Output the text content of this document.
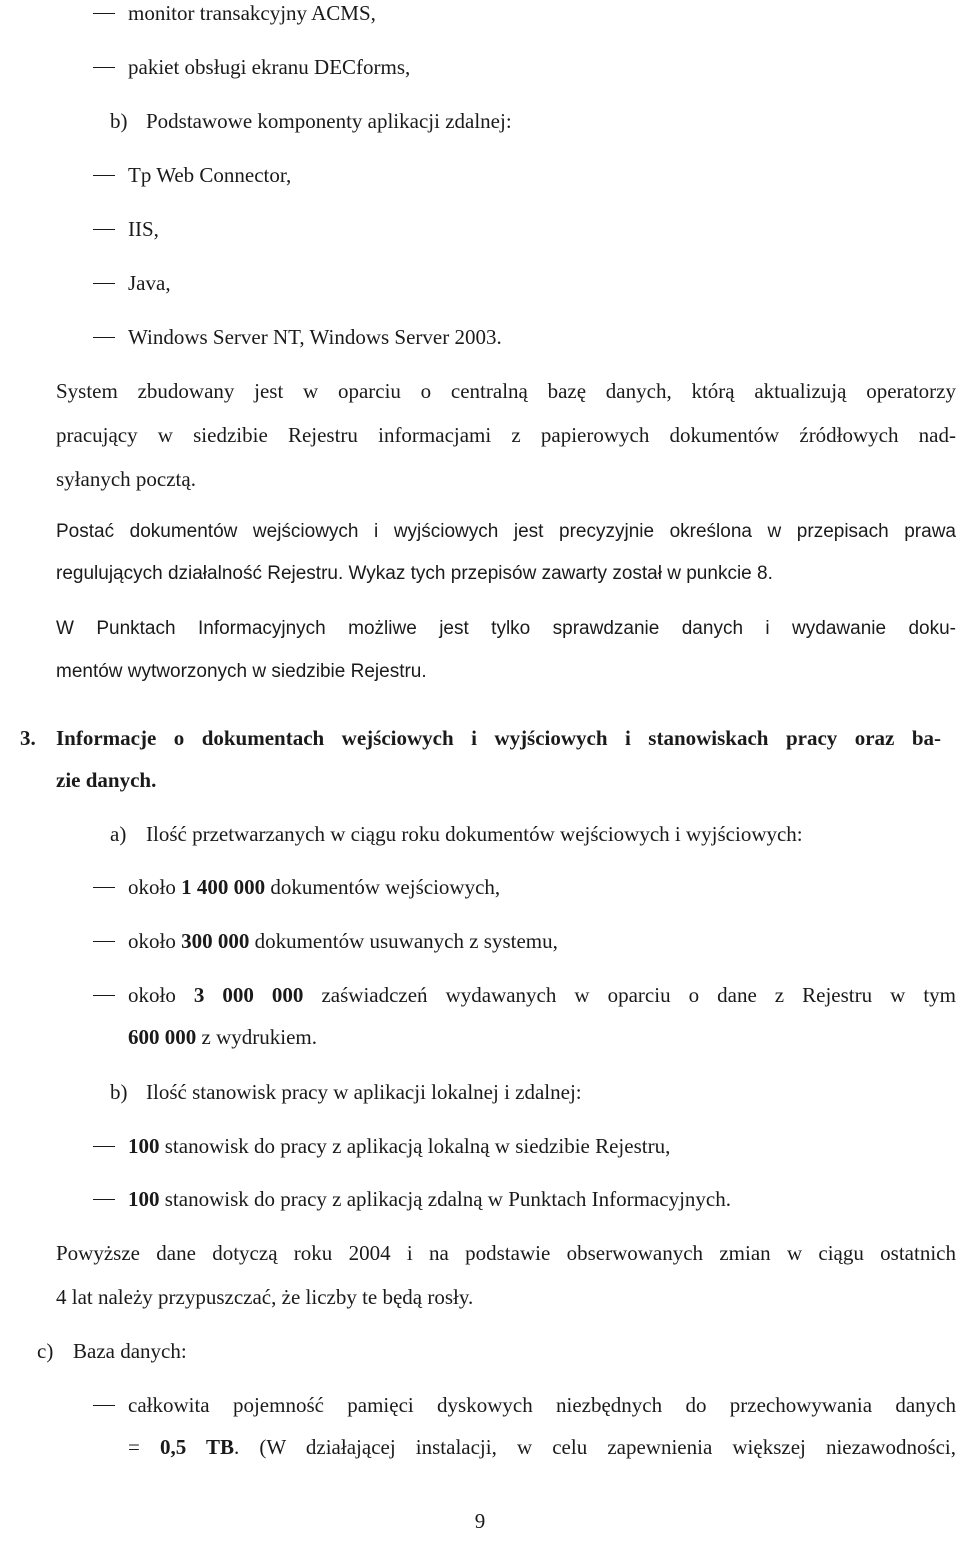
monitor transakcyjny ACMS,
pakiet obsługi ekranu DECforms,
b) Podstawowe komponenty aplikacji zdalnej:
Tp Web Connector,
IIS,
Java,
Windows Server NT, Windows Server 2003.
System zbudowany jest w oparciu o centralną bazę danych, którą aktualizują operatorzy
pracujący w siedzibie Rejestru informacjami z papierowych dokumentów źródłowych nad-
syłanych pocztą.
Postać dokumentów wejściowych i wyjściowych jest precyzyjnie określona w przepisach prawa
regulujących działalność Rejestru. Wykaz tych przepisów zawarty został w punkcie 8.
W Punktach Informacyjnych możliwe jest tylko sprawdzanie danych i wydawanie doku-
mentów wytworzonych w siedzibie Rejestru.
3. Informacje o dokumentach wejściowych i wyjściowych i stanowiskach pracy oraz ba-
zie danych.
a) Ilość przetwarzanych w ciągu roku dokumentów wejściowych i wyjściowych:
około 1 400 000 dokumentów wejściowych,
około 300 000 dokumentów usuwanych z systemu,
około 3 000 000 zaświadczeń wydawanych w oparciu o dane z Rejestru w tym
600 000 z wydrukiem.
b) Ilość stanowisk pracy w aplikacji lokalnej i zdalnej:
100 stanowisk do pracy z aplikacją lokalną w siedzibie Rejestru,
100 stanowisk do pracy z aplikacją zdalną w Punktach Informacyjnych.
Powyższe dane dotyczą roku 2004 i na podstawie obserwowanych zmian w ciągu ostatnich
4 lat należy przypuszczać, że liczby te będą rosły.
c) Baza danych:
całkowita pojemność pamięci dyskowych niezbędnych do przechowywania danych
= 0,5 TB. (W działającej instalacji, w celu zapewnienia większej niezawodności,
9
